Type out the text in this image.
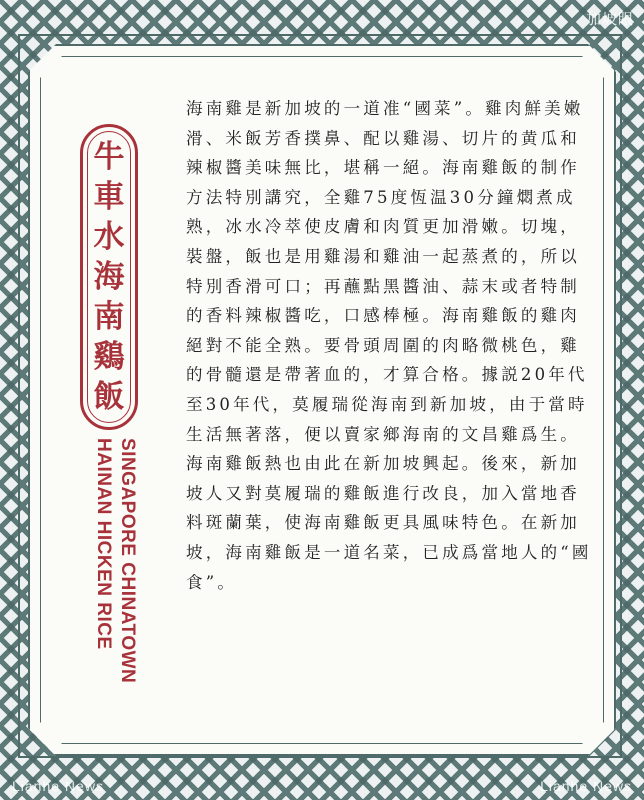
牛
車
水
海
南
鷄
飯
SINGAPORE CHINATOWN
HAINAN HICKEN RICE
海南雞是新加坡的一道准“國菜”。雞肉鮮美嫩滑、米飯芳香撲鼻、配以雞湯、切片的黄瓜和辣椒醬美味無比，堪稱一絕。海南雞飯的制作方法特別講究，全雞75度恆温30分鐘燜煮成熟，冰水冷萃使皮膚和肉質更加滑嫩。切塊，裝盤，飯也是用雞湯和雞油一起蒸煮的，所以特別香滑可口；再蘸點黑醬油、蒜末或者特制的香料辣椒醬吃，口感棒極。海南雞飯的雞肉絕對不能全熟。要骨頭周圍的肉略微桃色，雞的骨髓還是帶著血的，才算合格。據説20年代至30年代，莫履瑞從海南到新加坡，由于當時生活無著落，便以賣家鄉海南的文昌雞爲生。海南雞飯熱也由此在新加坡興起。後來，新加坡人又對莫履瑞的雞飯進行改良，加入當地香料斑蘭葉，使海南雞飯更具風味特色。在新加坡，海南雞飯是一道名菜，已成爲當地人的“國食”。
加坡眼
Lianhe News	Lianhe News
